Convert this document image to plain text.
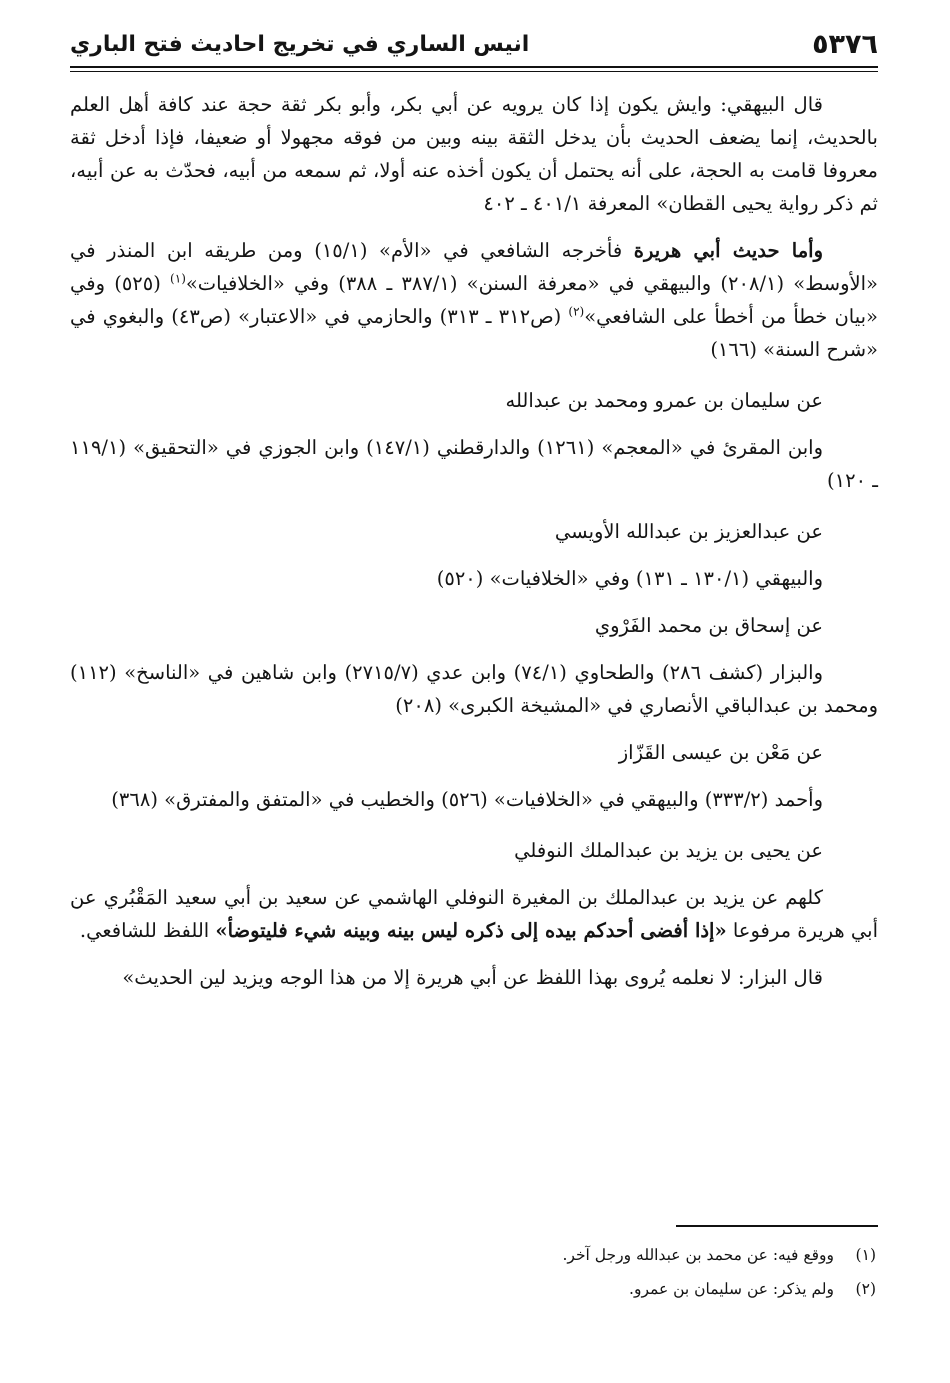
٥٣٧٦
انيس الساري في تخريج احاديث فتح الباري

قال البيهقي: وايش يكون إذا كان يرويه عن أبي بكر، وأبو بكر ثقة حجة عند كافة أهل العلم بالحديث، إنما يضعف الحديث بأن يدخل الثقة بينه وبين من فوقه مجهولا أو ضعيفا، فإذا أدخل ثقة معروفا قامت به الحجة، على أنه يحتمل أن يكون أخذه عنه أولا، ثم سمعه من أبيه، فحدّث به عن أبيه، ثم ذكر رواية يحيى القطان» المعرفة ٤٠١/١ ـ ٤٠٢

وأما حديث أبي هريرة فأخرجه الشافعي في «الأم» (١٥/١) ومن طريقه ابن المنذر في «الأوسط» (٢٠٨/١) والبيهقي في «معرفة السنن» (٣٨٧/١ ـ ٣٨٨) وفي «الخلافيات»$^{(١)}$ (٥٢٥) وفي «بيان خطأ من أخطأ على الشافعي»$^{(٢)}$ (ص٣١٢ ـ ٣١٣) والحازمي في «الاعتبار» (ص٤٣) والبغوي في «شرح السنة» (١٦٦)

عن سليمان بن عمرو ومحمد بن عبدالله

وابن المقرئ في «المعجم» (١٢٦١) والدارقطني (١٤٧/١) وابن الجوزي في «التحقيق» (١١٩/١ ـ ١٢٠)

عن عبدالعزيز بن عبدالله الأويسي

والبيهقي (١٣٠/١ ـ ١٣١) وفي «الخلافيات» (٥٢٠)

عن إسحاق بن محمد الفَرْوي

والبزار (كشف ٢٨٦) والطحاوي (٧٤/١) وابن عدي (٢٧١٥/٧) وابن شاهين في «الناسخ» (١١٢) ومحمد بن عبدالباقي الأنصاري في «المشيخة الكبرى» (٢٠٨)

عن مَعْن بن عيسى القَزّاز

وأحمد (٣٣٣/٢) والبيهقي في «الخلافيات» (٥٢٦) والخطيب في «المتفق والمفترق» (٣٦٨)

عن يحيى بن يزيد بن عبدالملك النوفلي

كلهم عن يزيد بن عبدالملك بن المغيرة النوفلي الهاشمي عن سعيد بن أبي سعيد المَقْبُري عن أبي هريرة مرفوعا «إذا أفضى أحدكم بيده إلى ذكره ليس بينه وبينه شيء فليتوضأ» اللفظ للشافعي.

قال البزار: لا نعلمه يُروى بهذا اللفظ عن أبي هريرة إلا من هذا الوجه ويزيد لين الحديث»

(١)
ووقع فيه: عن محمد بن عبدالله ورجل آخر.
(٢)
ولم يذكر: عن سليمان بن عمرو.
